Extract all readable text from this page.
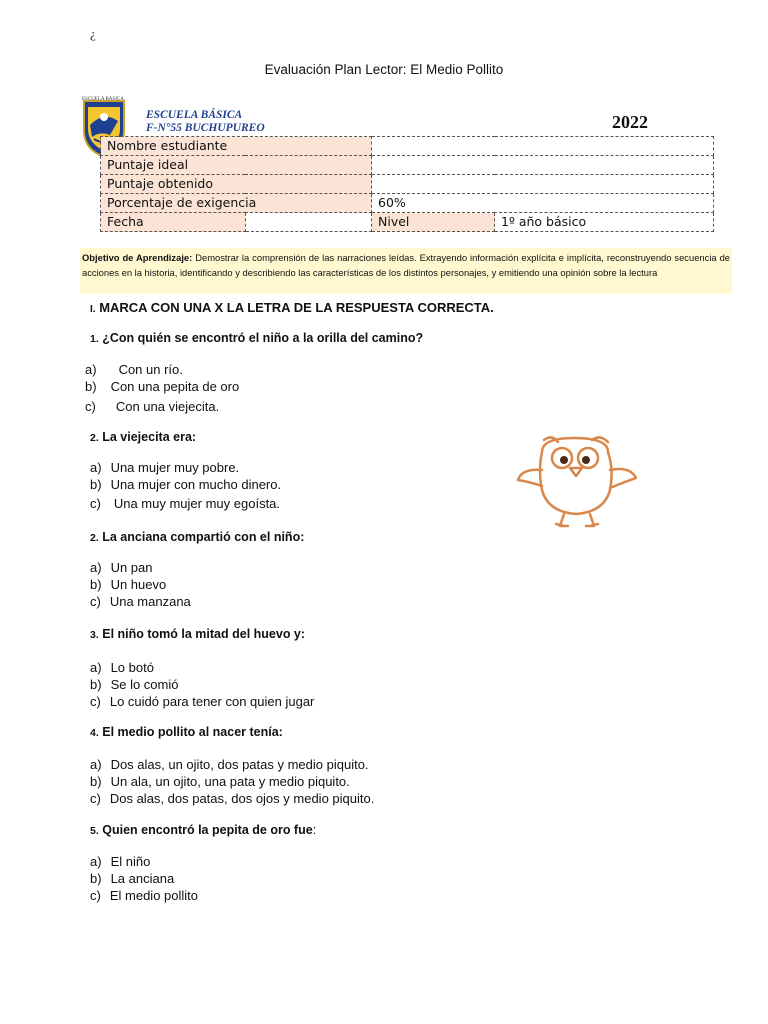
¿
Evaluación Plan Lector: El Medio Pollito
ESCUELA BASICA
ESCUELA BÁSICA
F-N°55 BUCHUPUREO	2022
Nombre estudiante			
Puntaje ideal			
Puntaje obtenido			
Porcentaje de exigencia		60%	
Fecha		Nivel	1º año básico
Objetivo de Aprendizaje: Demostrar la comprensión de las narraciones leídas. Extrayendo información explícita e implícita, reconstruyendo secuencia de acciones en la historia, identificando y describiendo las características de los distintos personajes, y emitiendo una opinión sobre la lectura
I. MARCA CON UNA X LA LETRA DE LA RESPUESTA CORRECTA.
1. ¿Con quién se encontró el niño a la orilla del camino?
a) Con un río.
b) Con una pepita de oro
c) Con una viejecita.
2. La viejecita era:
a) Una mujer muy pobre.
b) Una mujer con mucho dinero.
c) Una muy mujer muy egoísta.
2. La anciana compartió con el niño:
a) Un pan
b) Un huevo
c) Una manzana
3. El niño tomó la mitad del huevo y:
a) Lo botó
b) Se lo comió
c) Lo cuidó para tener con quien jugar
4. El medio pollito al nacer tenía:
a) Dos alas, un ojito, dos patas y medio piquito.
b) Un ala, un ojito, una pata y medio piquito.
c) Dos alas, dos patas, dos ojos y medio piquito.
5. Quien encontró la pepita de oro fue:
a) El niño
b) La anciana
c) El medio pollito
